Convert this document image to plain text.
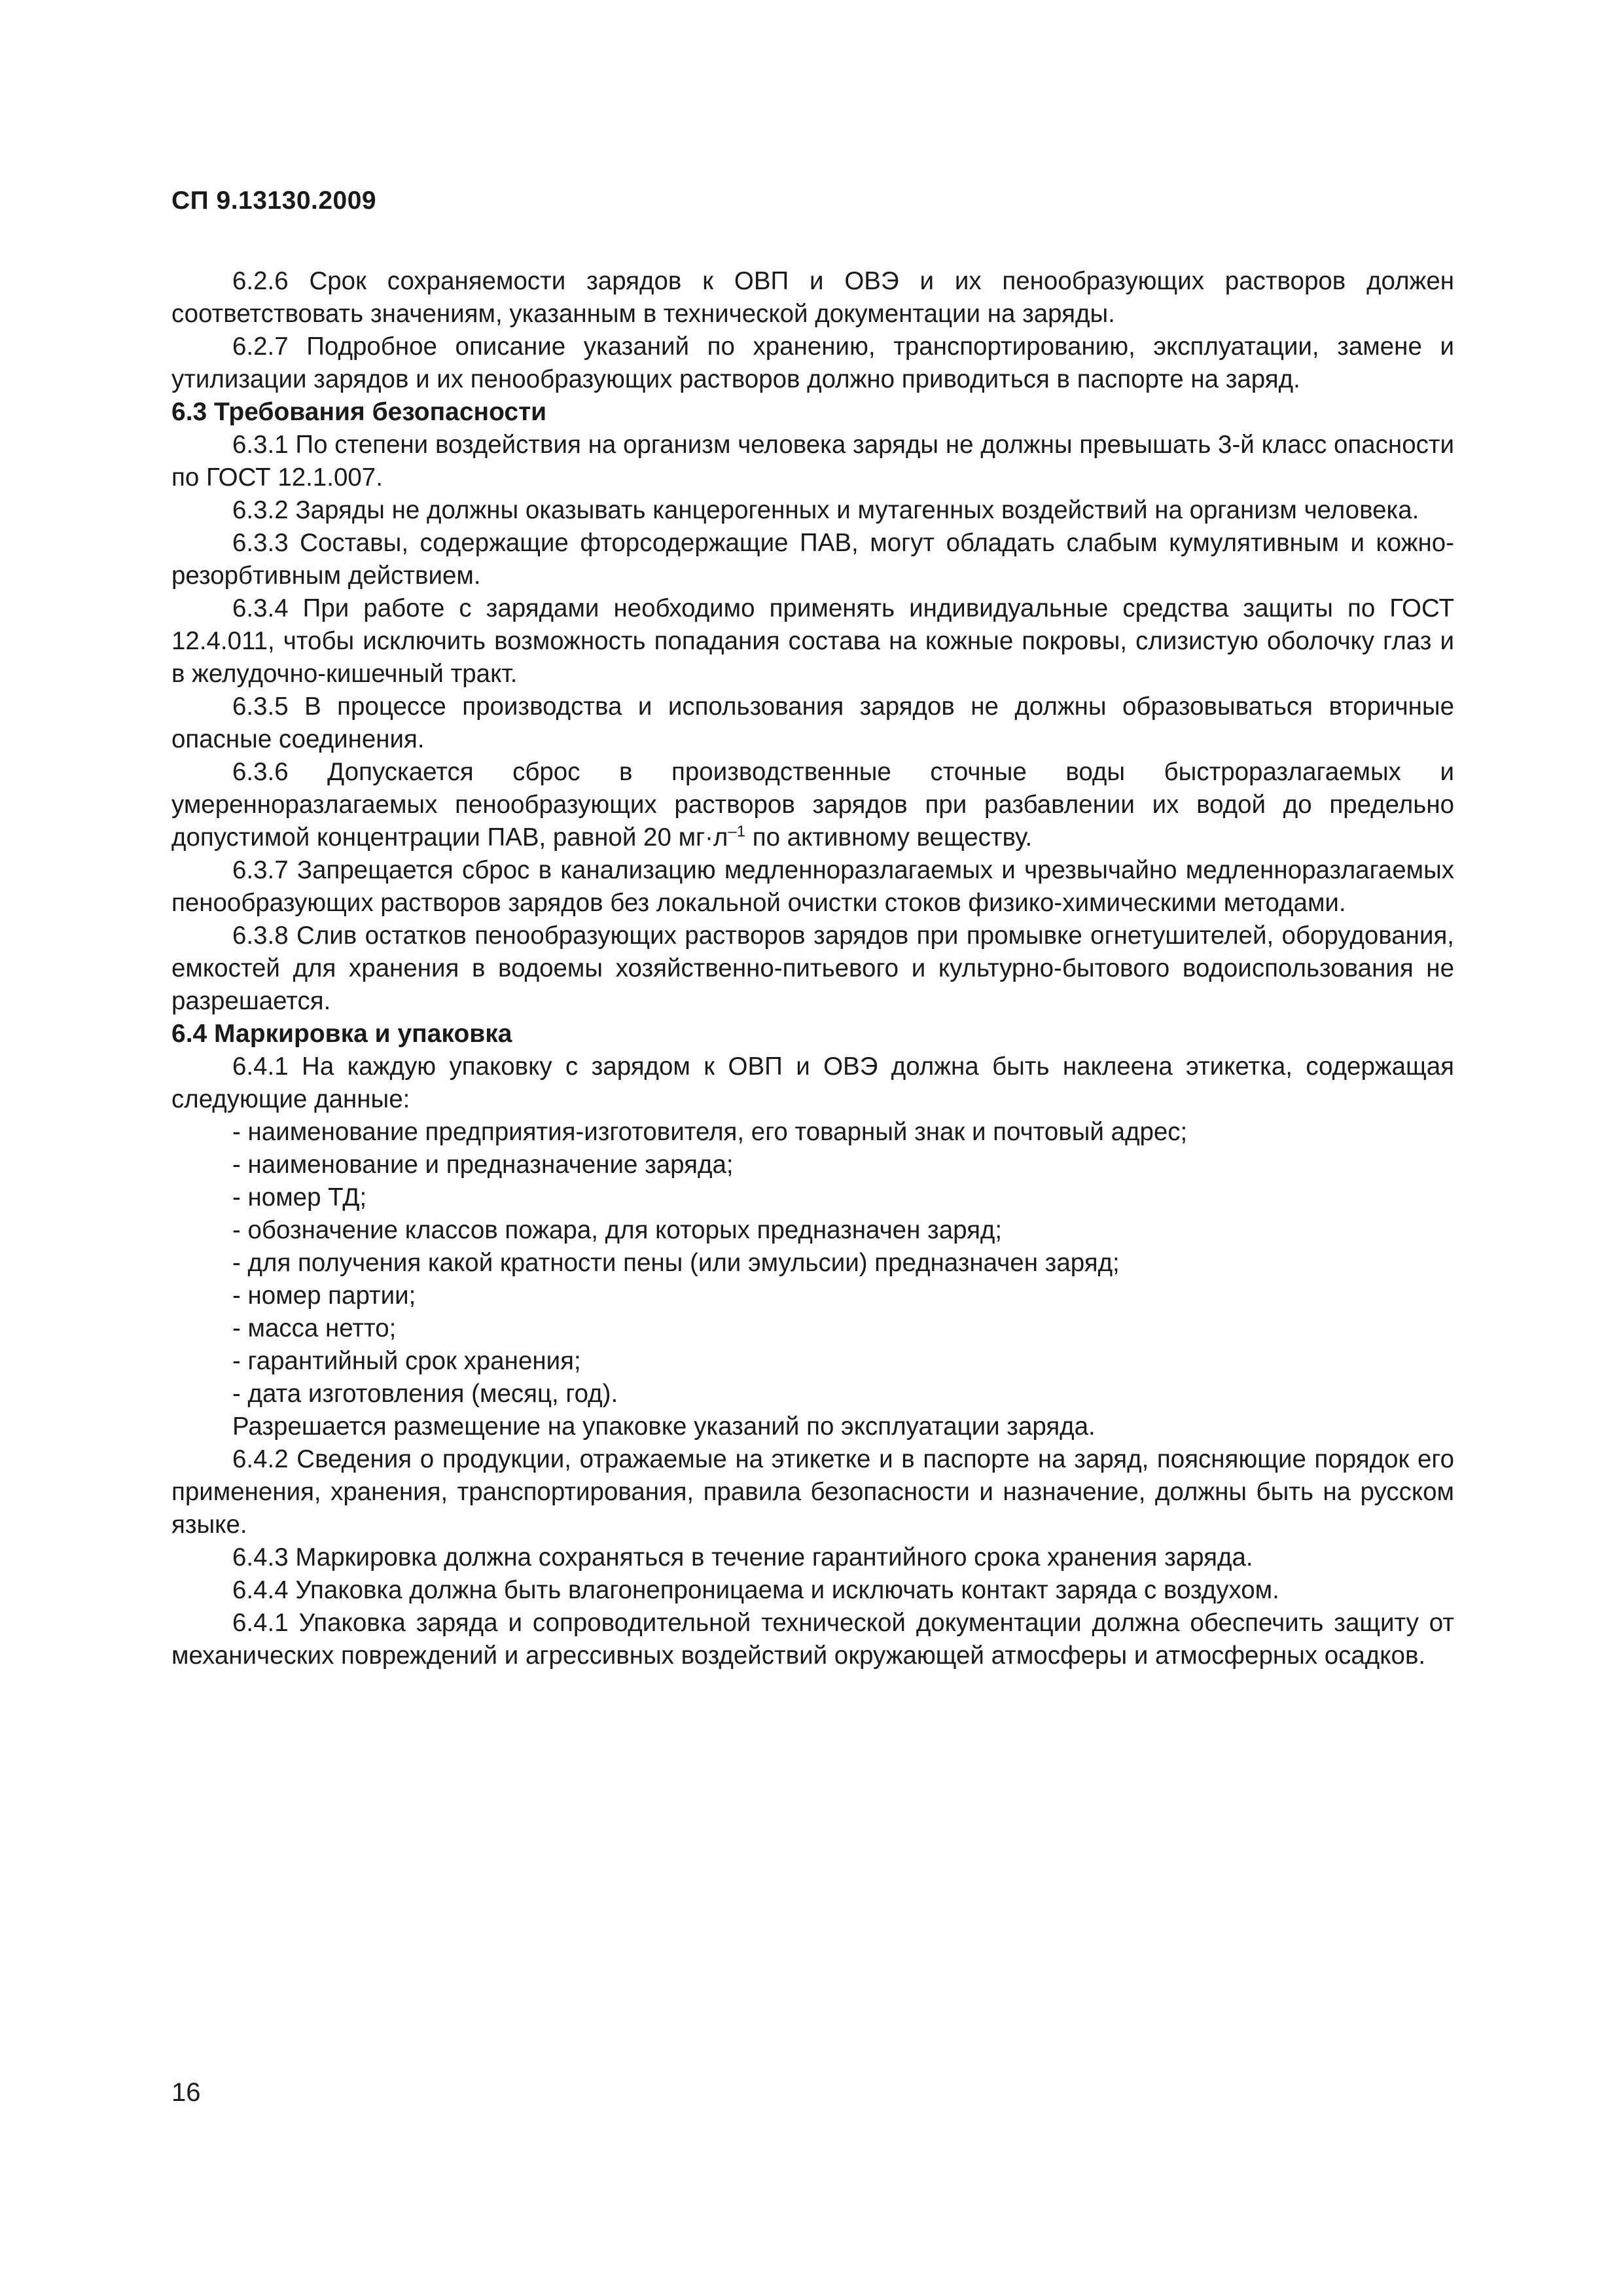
СП 9.13130.2009

6.2.6 Срок сохраняемости зарядов к ОВП и ОВЭ и их пенообразующих растворов должен соответствовать значениям, указанным в технической документации на заряды.

6.2.7 Подробное описание указаний по хранению, транспортированию, эксплуатации, замене и утилизации зарядов и их пенообразующих растворов должно приводиться в паспорте на заряд.

6.3 Требования безопасности

6.3.1 По степени воздействия на организм человека заряды не должны превышать 3-й класс опасности по ГОСТ 12.1.007.

6.3.2 Заряды не должны оказывать канцерогенных и мутагенных воздействий на организм человека.

6.3.3 Составы, содержащие фторсодержащие ПАВ, могут обладать слабым кумулятивным и кожно-резорбтивным действием.

6.3.4 При работе с зарядами необходимо применять индивидуальные средства защиты по ГОСТ 12.4.011, чтобы исключить возможность попадания состава на кожные покровы, слизистую оболочку глаз и в желудочно-кишечный тракт.

6.3.5 В процессе производства и использования зарядов не должны образовываться вторичные опасные соединения.

6.3.6 Допускается сброс в производственные сточные воды быстроразлагаемых и умеренноразлагаемых пенообразующих растворов зарядов при разбавлении их водой до предельно допустимой концентрации ПАВ, равной 20 $мг\cdot л^{-1}$ по активному веществу.

6.3.7 Запрещается сброс в канализацию медленноразлагаемых и чрезвычайно медленноразлагаемых пенообразующих растворов зарядов без локальной очистки стоков физико-химическими методами.

6.3.8 Слив остатков пенообразующих растворов зарядов при промывке огнетушителей, оборудования, емкостей для хранения в водоемы хозяйственно-питьевого и культурно-бытового водоиспользования не разрешается.

6.4 Маркировка и упаковка

6.4.1 На каждую упаковку с зарядом к ОВП и ОВЭ должна быть наклеена этикетка, содержащая следующие данные:

- наименование предприятия-изготовителя, его товарный знак и почтовый адрес;

- наименование и предназначение заряда;

- номер ТД;

- обозначение классов пожара, для которых предназначен заряд;

- для получения какой кратности пены (или эмульсии) предназначен заряд;

- номер партии;

- масса нетто;

- гарантийный срок хранения;

- дата изготовления (месяц, год).

Разрешается размещение на упаковке указаний по эксплуатации заряда.

6.4.2 Сведения о продукции, отражаемые на этикетке и в паспорте на заряд, поясняющие порядок его применения, хранения, транспортирования, правила безопасности и назначение, должны быть на русском языке.

6.4.3 Маркировка должна сохраняться в течение гарантийного срока хранения заряда.

6.4.4 Упаковка должна быть влагонепроницаема и исключать контакт заряда с воздухом.

6.4.1 Упаковка заряда и сопроводительной технической документации должна обеспечить защиту от механических повреждений и агрессивных воздействий окружающей атмосферы и атмосферных осадков.

16
